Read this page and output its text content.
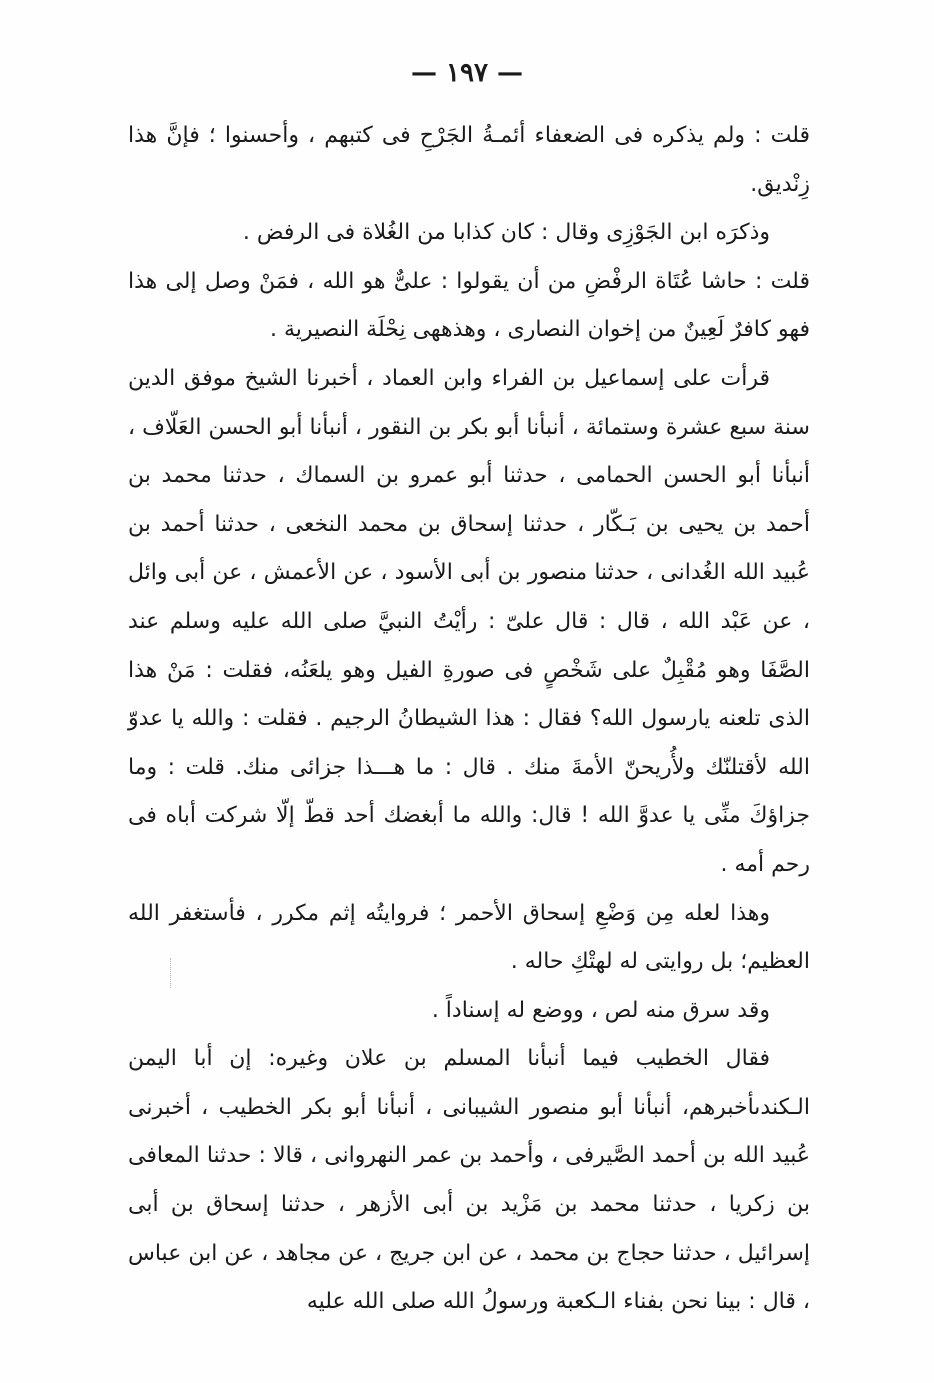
— ١٩٧ —

قلت : ولم يذكره فى الضعفاء أئمـةُ الجَرْحِ فى كتبهم ، وأحسنوا ؛ فإنَّ هذا زِنْديق.

وذكرَه ابن الجَوْزِى وقال : كان كذابا من الغُلاة فى الرفض .

قلت : حاشا عُتَاة الرفْضِ من أن يقولوا : علىٌّ هو الله ، فمَنْ وصل إلى هذا فهو كافرٌ لَعِينٌ من إخوان النصارى ، وهذههى نِحْلَة النصيرية .

قرأت على إسماعيل بن الفراء وابن العماد ، أخبرنا الشيخ موفق الدين سنة سبع عشرة وستمائة ، أنبأنا أبو بكر بن النقور ، أنبأنا أبو الحسن العَلّاف ، أنبأنا أبو الحسن الحمامى ، حدثنا أبو عمرو بن السماك ، حدثنا محمد بن أحمد بن يحيى بن بَـكّار ، حدثنا إسحاق بن محمد النخعى ، حدثنا أحمد بن عُبيد الله الغُدانى ، حدثنا منصور بن أبى الأسود ، عن الأعمش ، عن أبى وائل ، عن عَبْد الله ، قال : قال علىّ : رأيْتُ النبيَّ صلى الله عليه وسلم عند الصَّفَا وهو مُقْبِلٌ على شَخْصٍ فى صورةِ الفيل وهو يلعَنُه، فقلت : مَنْ هذا الذى تلعنه يارسول الله؟ فقال : هذا الشيطانُ الرجيم . فقلت : والله يا عدوّ الله لأقتلنّك ولأُريحنّ الأمةَ منك . قال : ما هـــذا جزائى منك. قلت : وما جزاؤكَ منِّى يا عدوَّ الله ! قال: والله ما أبغضك أحد قطّ إلّا شركت أباه فى رحم أمه .

وهذا لعله مِن وَضْعِ إسحاق الأحمر ؛ فروايتُه إثم مكرر ، فأستغفر الله العظيم؛ بل روايتى له لهتْكِ حاله .

وقد سرق منه لص ، ووضع له إسناداً .

فقال الخطيب فيما أنبأنا المسلم بن علان وغيره: إن أبا اليمن الـكندىأخبرهم، أنبأنا أبو منصور الشيبانى ، أنبأنا أبو بكر الخطيب ، أخبرنى عُبيد الله بن أحمد الصَّيرفى ، وأحمد بن عمر النهروانى ، قالا : حدثنا المعافى بن زكريا ، حدثنا محمد بن مَزْيد بن أبى الأزهر ، حدثنا إسحاق بن أبى إسرائيل ، حدثنا حجاج بن محمد ، عن ابن جريج ، عن مجاهد ، عن ابن عباس ، قال : بينا نحن بفناء الـكعبة ورسولُ الله صلى الله عليه
